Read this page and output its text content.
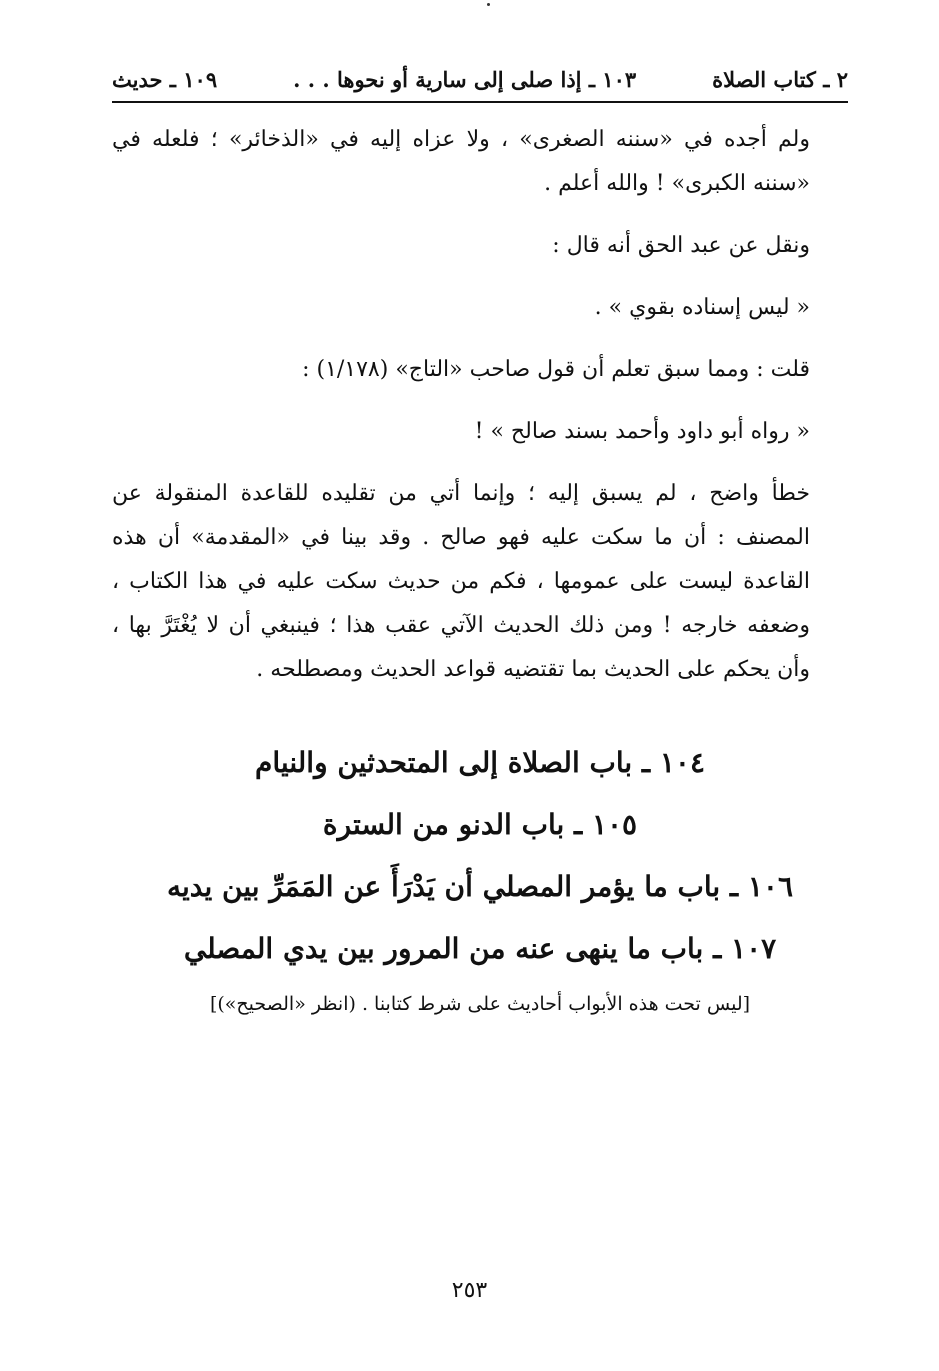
٢ ـ كتاب الصلاة
١٠٣ ـ إذا صلى إلى سارية أو نحوها . . .
١٠٩ ـ حديث

ولم أجده في «سننه الصغرى» ، ولا عزاه إليه في «الذخائر» ؛ فلعله في «سننه الكبرى» ! والله أعلم .

ونقل عن عبد الحق أنه قال :

« ليس إسناده بقوي » .

قلت : ومما سبق تعلم أن قول صاحب «التاج» (١/١٧٨) :

« رواه أبو داود وأحمد بسند صالح » !

خطأ واضح ، لم يسبق إليه ؛ وإنما أتي من تقليده للقاعدة المنقولة عن المصنف : أن ما سكت عليه فهو صالح . وقد بينا في «المقدمة» أن هذه القاعدة ليست على عمومها ، فكم من حديث سكت عليه في هذا الكتاب ، وضعفه خارجه ! ومن ذلك الحديث الآتي عقب هذا ؛ فينبغي أن لا يُغْتَرَّ بها ، وأن يحكم على الحديث بما تقتضيه قواعد الحديث ومصطلحه .

١٠٤ ـ باب الصلاة إلى المتحدثين والنيام

١٠٥ ـ باب الدنو من السترة

١٠٦ ـ باب ما يؤمر المصلي أن يَدْرَأَ عن المَمَرِّ بين يديه

١٠٧ ـ باب ما ينهى عنه من المرور بين يدي المصلي

[ليس تحت هذه الأبواب أحاديث على شرط كتابنا . (انظر «الصحيح»)]

٢٥٣
